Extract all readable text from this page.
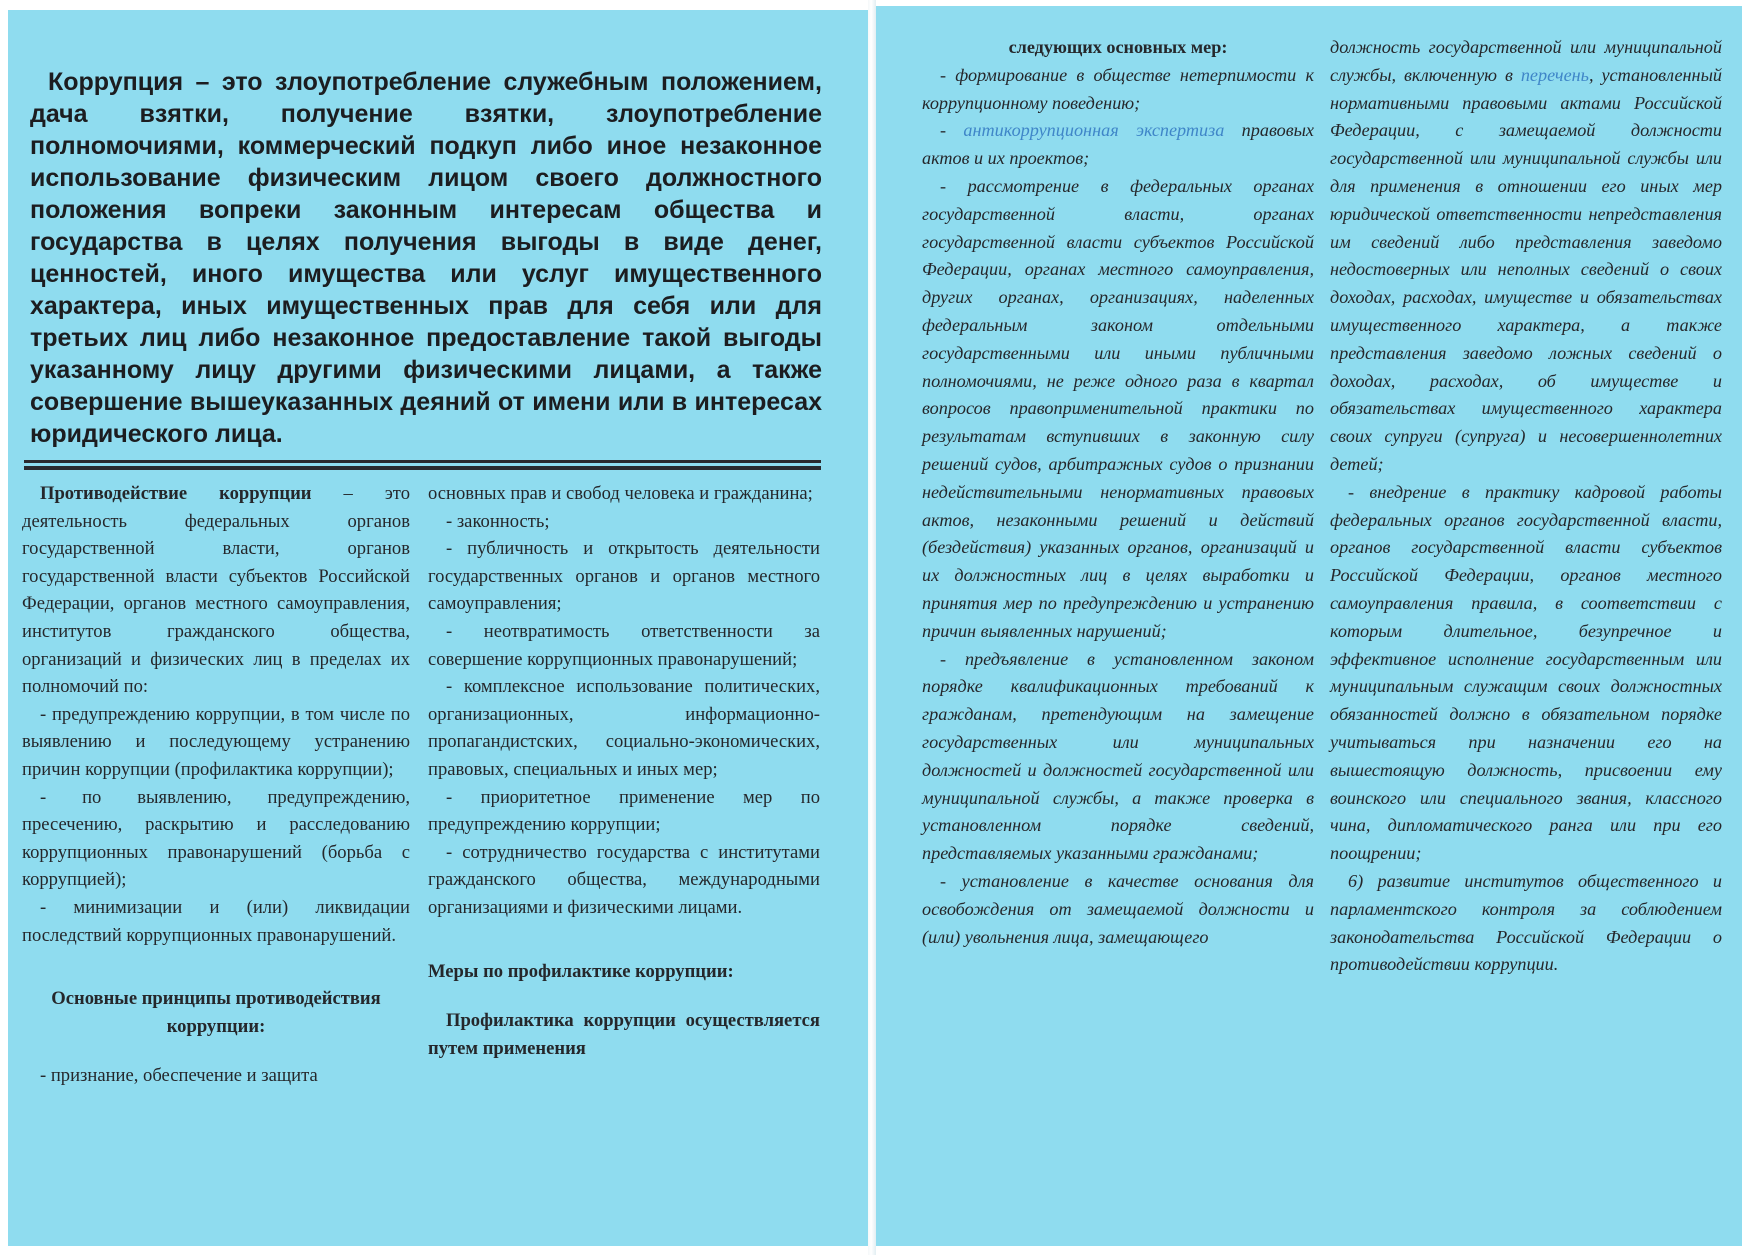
Коррупция – это злоупотребление служебным положением, дача взятки, получение взятки, злоупотребление полномочиями, коммерческий подкуп либо иное незаконное использование физическим лицом своего должностного положения вопреки законным интересам общества и государства в целях получения выгоды в виде денег, ценностей, иного имущества или услуг имущественного характера, иных имущественных прав для себя или для третьих лиц либо незаконное предоставление такой выгоды указанному лицу другими физическими лицами, а также совершение вышеуказанных деяний от имени или в интересах юридического лица.

Противодействие коррупции – это деятельность федеральных органов государственной власти, органов государственной власти субъектов Российской Федерации, органов местного самоуправления, институтов гражданского общества, организаций и физических лиц в пределах их полномочий по:

- предупреждению коррупции, в том числе по выявлению и последующему устранению причин коррупции (профилактика коррупции);

- по выявлению, предупреждению, пресечению, раскрытию и расследованию коррупционных правонарушений (борьба с коррупцией);

- минимизации и (или) ликвидации последствий коррупционных правонарушений.

Основные принципы противодействия коррупции:

- признание, обеспечение и защита

основных прав и свобод человека и гражданина;

- законность;

- публичность и открытость деятельности государственных органов и органов местного самоуправления;

- неотвратимость ответственности за совершение коррупционных правонарушений;

- комплексное использование политических, организационных, информационно-пропагандистских, социально-экономических, правовых, специальных и иных мер;

- приоритетное применение мер по предупреждению коррупции;

- сотрудничество государства с институтами гражданского общества, международными организациями и физическими лицами.

Меры по профилактике коррупции:

Профилактика коррупции осуществляется путем применения

следующих основных мер:

- формирование в обществе нетерпимости к коррупционному поведению;

- антикоррупционная экспертиза правовых актов и их проектов;

- рассмотрение в федеральных органах государственной власти, органах государственной власти субъектов Российской Федерации, органах местного самоуправления, других органах, организациях, наделенных федеральным законом отдельными государственными или иными публичными полномочиями, не реже одного раза в квартал вопросов правоприменительной практики по результатам вступивших в законную силу решений судов, арбитражных судов о признании недействительными ненормативных правовых актов, незаконными решений и действий (бездействия) указанных органов, организаций и их должностных лиц в целях выработки и принятия мер по предупреждению и устранению причин выявленных нарушений;

- предъявление в установленном законом порядке квалификационных требований к гражданам, претендующим на замещение государственных или муниципальных должностей и должностей государственной или муниципальной службы, а также проверка в установленном порядке сведений, представляемых указанными гражданами;

- установление в качестве основания для освобождения от замещаемой должности и (или) увольнения лица, замещающего

должность государственной или муниципальной службы, включенную в перечень, установленный нормативными правовыми актами Российской Федерации, с замещаемой должности государственной или муниципальной службы или для применения в отношении его иных мер юридической ответственности непредставления им сведений либо представления заведомо недостоверных или неполных сведений о своих доходах, расходах, имуществе и обязательствах имущественного характера, а также представления заведомо ложных сведений о доходах, расходах, об имуществе и обязательствах имущественного характера своих супруги (супруга) и несовершеннолетних детей;

- внедрение в практику кадровой работы федеральных органов государственной власти, органов государственной власти субъектов Российской Федерации, органов местного самоуправления правила, в соответствии с которым длительное, безупречное и эффективное исполнение государственным или муниципальным служащим своих должностных обязанностей должно в обязательном порядке учитываться при назначении его на вышестоящую должность, присвоении ему воинского или специального звания, классного чина, дипломатического ранга или при его поощрении;

6) развитие институтов общественного и парламентского контроля за соблюдением законодательства Российской Федерации о противодействии коррупции.
